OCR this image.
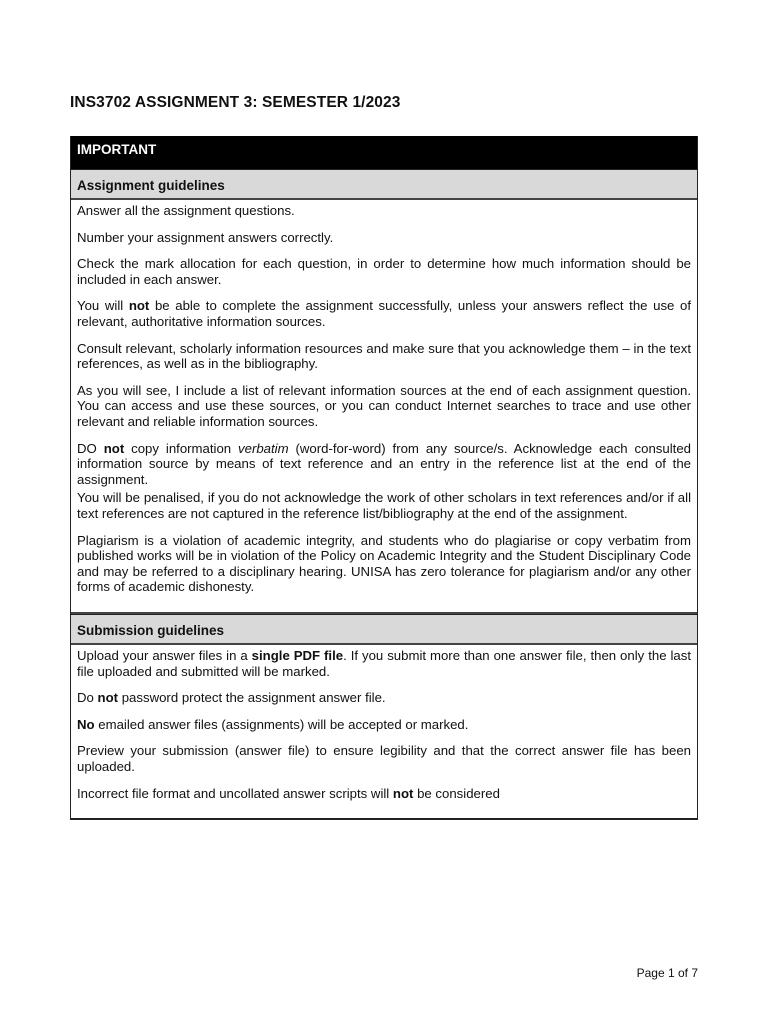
INS3702 ASSIGNMENT 3: SEMESTER 1/2023
IMPORTANT
Assignment guidelines

Answer all the assignment questions.

Number your assignment answers correctly.

Check the mark allocation for each question, in order to determine how much information should be included in each answer.

You will not be able to complete the assignment successfully, unless your answers reflect the use of relevant, authoritative information sources.

Consult relevant, scholarly information resources and make sure that you acknowledge them – in the text references, as well as in the bibliography.

As you will see, I include a list of relevant information sources at the end of each assignment question. You can access and use these sources, or you can conduct Internet searches to trace and use other relevant and reliable information sources.

DO not copy information verbatim (word-for-word) from any source/s. Acknowledge each consulted information source by means of text reference and an entry in the reference list at the end of the assignment.

You will be penalised, if you do not acknowledge the work of other scholars in text references and/or if all text references are not captured in the reference list/bibliography at the end of the assignment.

Plagiarism is a violation of academic integrity, and students who do plagiarise or copy verbatim from published works will be in violation of the Policy on Academic Integrity and the Student Disciplinary Code and may be referred to a disciplinary hearing. UNISA has zero tolerance for plagiarism and/or any other forms of academic dishonesty.

Submission guidelines

Upload your answer files in a single PDF file. If you submit more than one answer file, then only the last file uploaded and submitted will be marked.

Do not password protect the assignment answer file.

No emailed answer files (assignments) will be accepted or marked.

Preview your submission (answer file) to ensure legibility and that the correct answer file has been uploaded.

Incorrect file format and uncollated answer scripts will not be considered

Page 1 of 7
